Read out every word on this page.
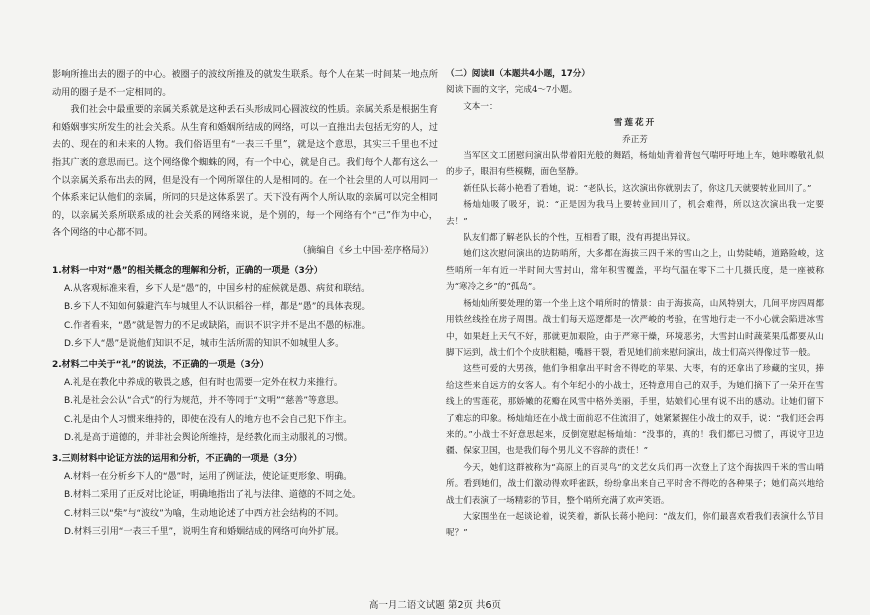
影响所推出去的圈子的中心。被圈子的波纹所推及的就发生联系。每个人在某一时间某一地点所动用的圈子是不一定相同的。

我们社会中最重要的亲属关系就是这种丢石头形成同心圆波纹的性质。亲属关系是根据生育和婚姻事实所发生的社会关系。从生育和婚姻所结成的网络，可以一直推出去包括无穷的人，过去的、现在的和未来的人物。我们俗语里有“一表三千里”，就是这个意思，其实三千里也不过指其广袤的意思而已。这个网络像个蜘蛛的网，有一个中心，就是自己。我们每个人都有这么一个以亲属关系布出去的网，但是没有一个网所罩住的人是相同的。在一个社会里的人可以用同一个体系来记认他们的亲属，所同的只是这体系罢了。天下没有两个人所认取的亲属可以完全相同的，以亲属关系所联系成的社会关系的网络来说，是个别的，每一个网络有个“己”作为中心，各个网络的中心都不同。

（摘编自《乡土中国·差序格局》）

1.材料一中对“愚”的相关概念的理解和分析，正确的一项是（3分）

A.从客观标准来看，乡下人是“愚”的，中国乡村的症候就是愚、病贫和联结。

B.乡下人不知如何躲避汽车与城里人不认识稻谷一样，都是“愚”的具体表现。

C.作者看来，“愚”就是智力的不足或缺陷，而识不识字并不是出不愚的标准。

D.乡下人“愚”是说他们知识不足，城市生活所需的知识不如城里人多。

2.材料二中关于“礼”的说法，不正确的一项是（3分）

A.礼是在教化中养成的敬畏之感，但有时也需要一定外在权力来推行。

B.礼是社会公认“合式”的行为规范，并不等同于“文明”“慈善”等意思。

C.礼是由个人习惯来维持的，即使在没有人的地方也不会自己犯下作主。

D.礼是高于道德的，并非社会舆论所维持，是经教化而主动服礼的习惯。

3.三则材料中论证方法的运用和分析，不正确的一项是（3分）

A.材料一在分析乡下人的“愚”时，运用了例证法，使论证更形象、明确。

B.材料二采用了正反对比论证，明确地指出了礼与法律、道德的不同之处。

C.材料三以“柴”与“波纹”为喻，生动地论述了中西方社会结构的不同。

D.材料三引用“一表三千里”，说明生育和婚姻结成的网络可向外扩展。

（二）阅读Ⅱ（本题共4小题，17分）

阅读下面的文字，完成4～7小题。

文本一：

雪莲花开

乔正芳

当军区文工团慰问演出队带着阳光般的舞蹈，杨灿灿背着背包气喘吁吁地上车，她咔嚓敬礼似的步子，眼泪有些模糊，面色坚静。

新任队长蒋小艳看了看她，说：“老队长，这次演出你就别去了，你这几天就要转业回川了。”

杨灿灿吸了吸牙，说：“正是因为我马上要转业回川了，机会难得，所以这次演出我一定要去！”

队友们都了解老队长的个性，互相看了眼，没有再提出异议。

她们这次慰问演出的边防哨所，大多都在海拔三四千米的雪山之上，山势陡峭，道路险峻，这些哨所一年有近一半时间大雪封山，常年积雪覆盖，平均气温在零下二十几摄氏度，是一座被称为“寒冷之乡”的“孤岛”。

杨灿灿所要处理的第一个坐上这个哨所时的情景：由于海拔高，山风特别大，几间平房四周都用铁丝线拴在房子周围。战士们每天巡逻都是一次严峻的考验，在雪地行走一不小心就会陷进冰雪中，如果赶上天气不好，那就更加艰险，由于严寒干燥，环境恶劣，大雪封山时蔬菜果瓜都要从山脚下运到，战士们个个皮肤粗糙，嘴唇干裂，看见她们前来慰问演出，战士们高兴得像过节一般。

这些可爱的大男孩，他们争相拿出平时舍不得吃的苹果、大枣，有的还拿出了珍藏的宝贝，捧给这些来自远方的女客人。有个年纪小的小战士，还特意用自己的双手，为她们摘下了一朵开在雪线上的雪莲花，那娇嫩的花瓣在风雪中格外美丽，手里，姑娘们心里有说不出的感动。让她们留下了难忘的印象。杨灿灿还在小战士面前忍不住流泪了，她紧紧握住小战士的双手，说：“我们还会再来的。”小战士不好意思起来，反倒宽慰起杨灿灿：“没事的，真的！我们都已习惯了，再说守卫边疆、保家卫国，也是我们每个男儿义不容辞的责任！”

今天，她们这群被称为“高原上的百灵鸟”的文艺女兵们再一次登上了这个海拔四千米的雪山哨所。看到她们，战士们激动得欢呼雀跃，纷纷拿出来自己平时舍不得吃的各种果子；她们高兴地给战士们表演了一场精彩的节目，整个哨所充满了欢声笑语。

大家围坐在一起谈论着，说笑着，新队长蒋小艳问：“战友们，你们最喜欢看我们表演什么节目呢？”

高一月二语文试题 第2页 共6页
